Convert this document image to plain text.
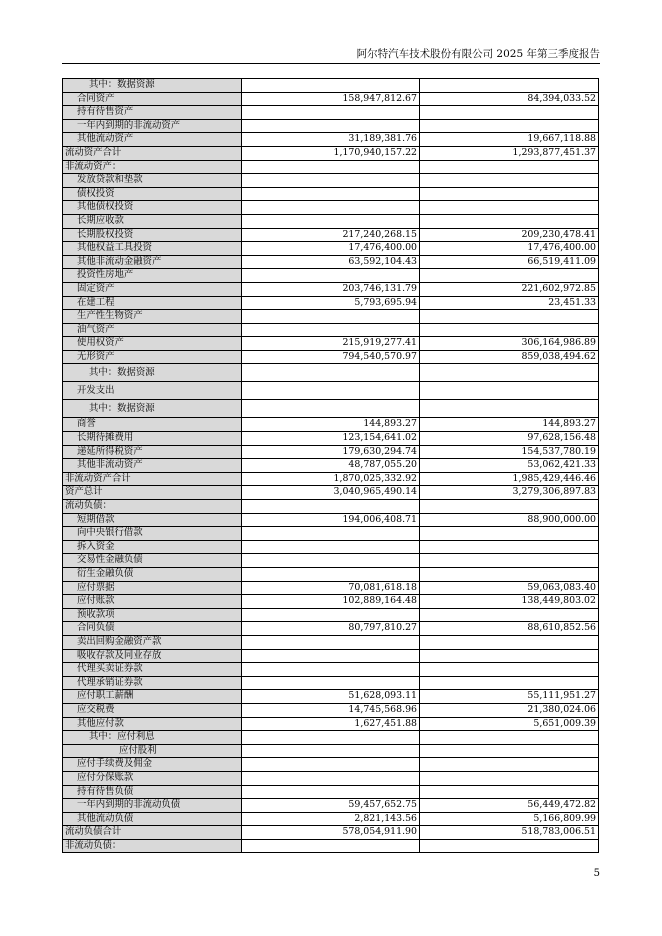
阿尔特汽车技术股份有限公司 2025 年第三季度报告
其中：数据资源		
合同资产	158,947,812.67	84,394,033.52
持有待售资产		
一年内到期的非流动资产		
其他流动资产	31,189,381.76	19,667,118.88
流动资产合计	1,170,940,157.22	1,293,877,451.37
非流动资产：		
发放贷款和垫款		
债权投资		
其他债权投资		
长期应收款		
长期股权投资	217,240,268.15	209,230,478.41
其他权益工具投资	17,476,400.00	17,476,400.00
其他非流动金融资产	63,592,104.43	66,519,411.09
投资性房地产		
固定资产	203,746,131.79	221,602,972.85
在建工程	5,793,695.94	23,451.33
生产性生物资产		
油气资产		
使用权资产	215,919,277.41	306,164,986.89
无形资产	794,540,570.97	859,038,494.62
其中：数据资源		
开发支出		
其中：数据资源		
商誉	144,893.27	144,893.27
长期待摊费用	123,154,641.02	97,628,156.48
递延所得税资产	179,630,294.74	154,537,780.19
其他非流动资产	48,787,055.20	53,062,421.33
非流动资产合计	1,870,025,332.92	1,985,429,446.46
资产总计	3,040,965,490.14	3,279,306,897.83
流动负债：		
短期借款	194,006,408.71	88,900,000.00
向中央银行借款		
拆入资金		
交易性金融负债		
衍生金融负债		
应付票据	70,081,618.18	59,063,083.40
应付账款	102,889,164.48	138,449,803.02
预收款项		
合同负债	80,797,810.27	88,610,852.56
卖出回购金融资产款		
吸收存款及同业存放		
代理买卖证券款		
代理承销证券款		
应付职工薪酬	51,628,093.11	55,111,951.27
应交税费	14,745,568.96	21,380,024.06
其他应付款	1,627,451.88	5,651,009.39
其中：应付利息		
应付股利		
应付手续费及佣金		
应付分保账款		
持有待售负债		
一年内到期的非流动负债	59,457,652.75	56,449,472.82
其他流动负债	2,821,143.56	5,166,809.99
流动负债合计	578,054,911.90	518,783,006.51
非流动负债：		
5
